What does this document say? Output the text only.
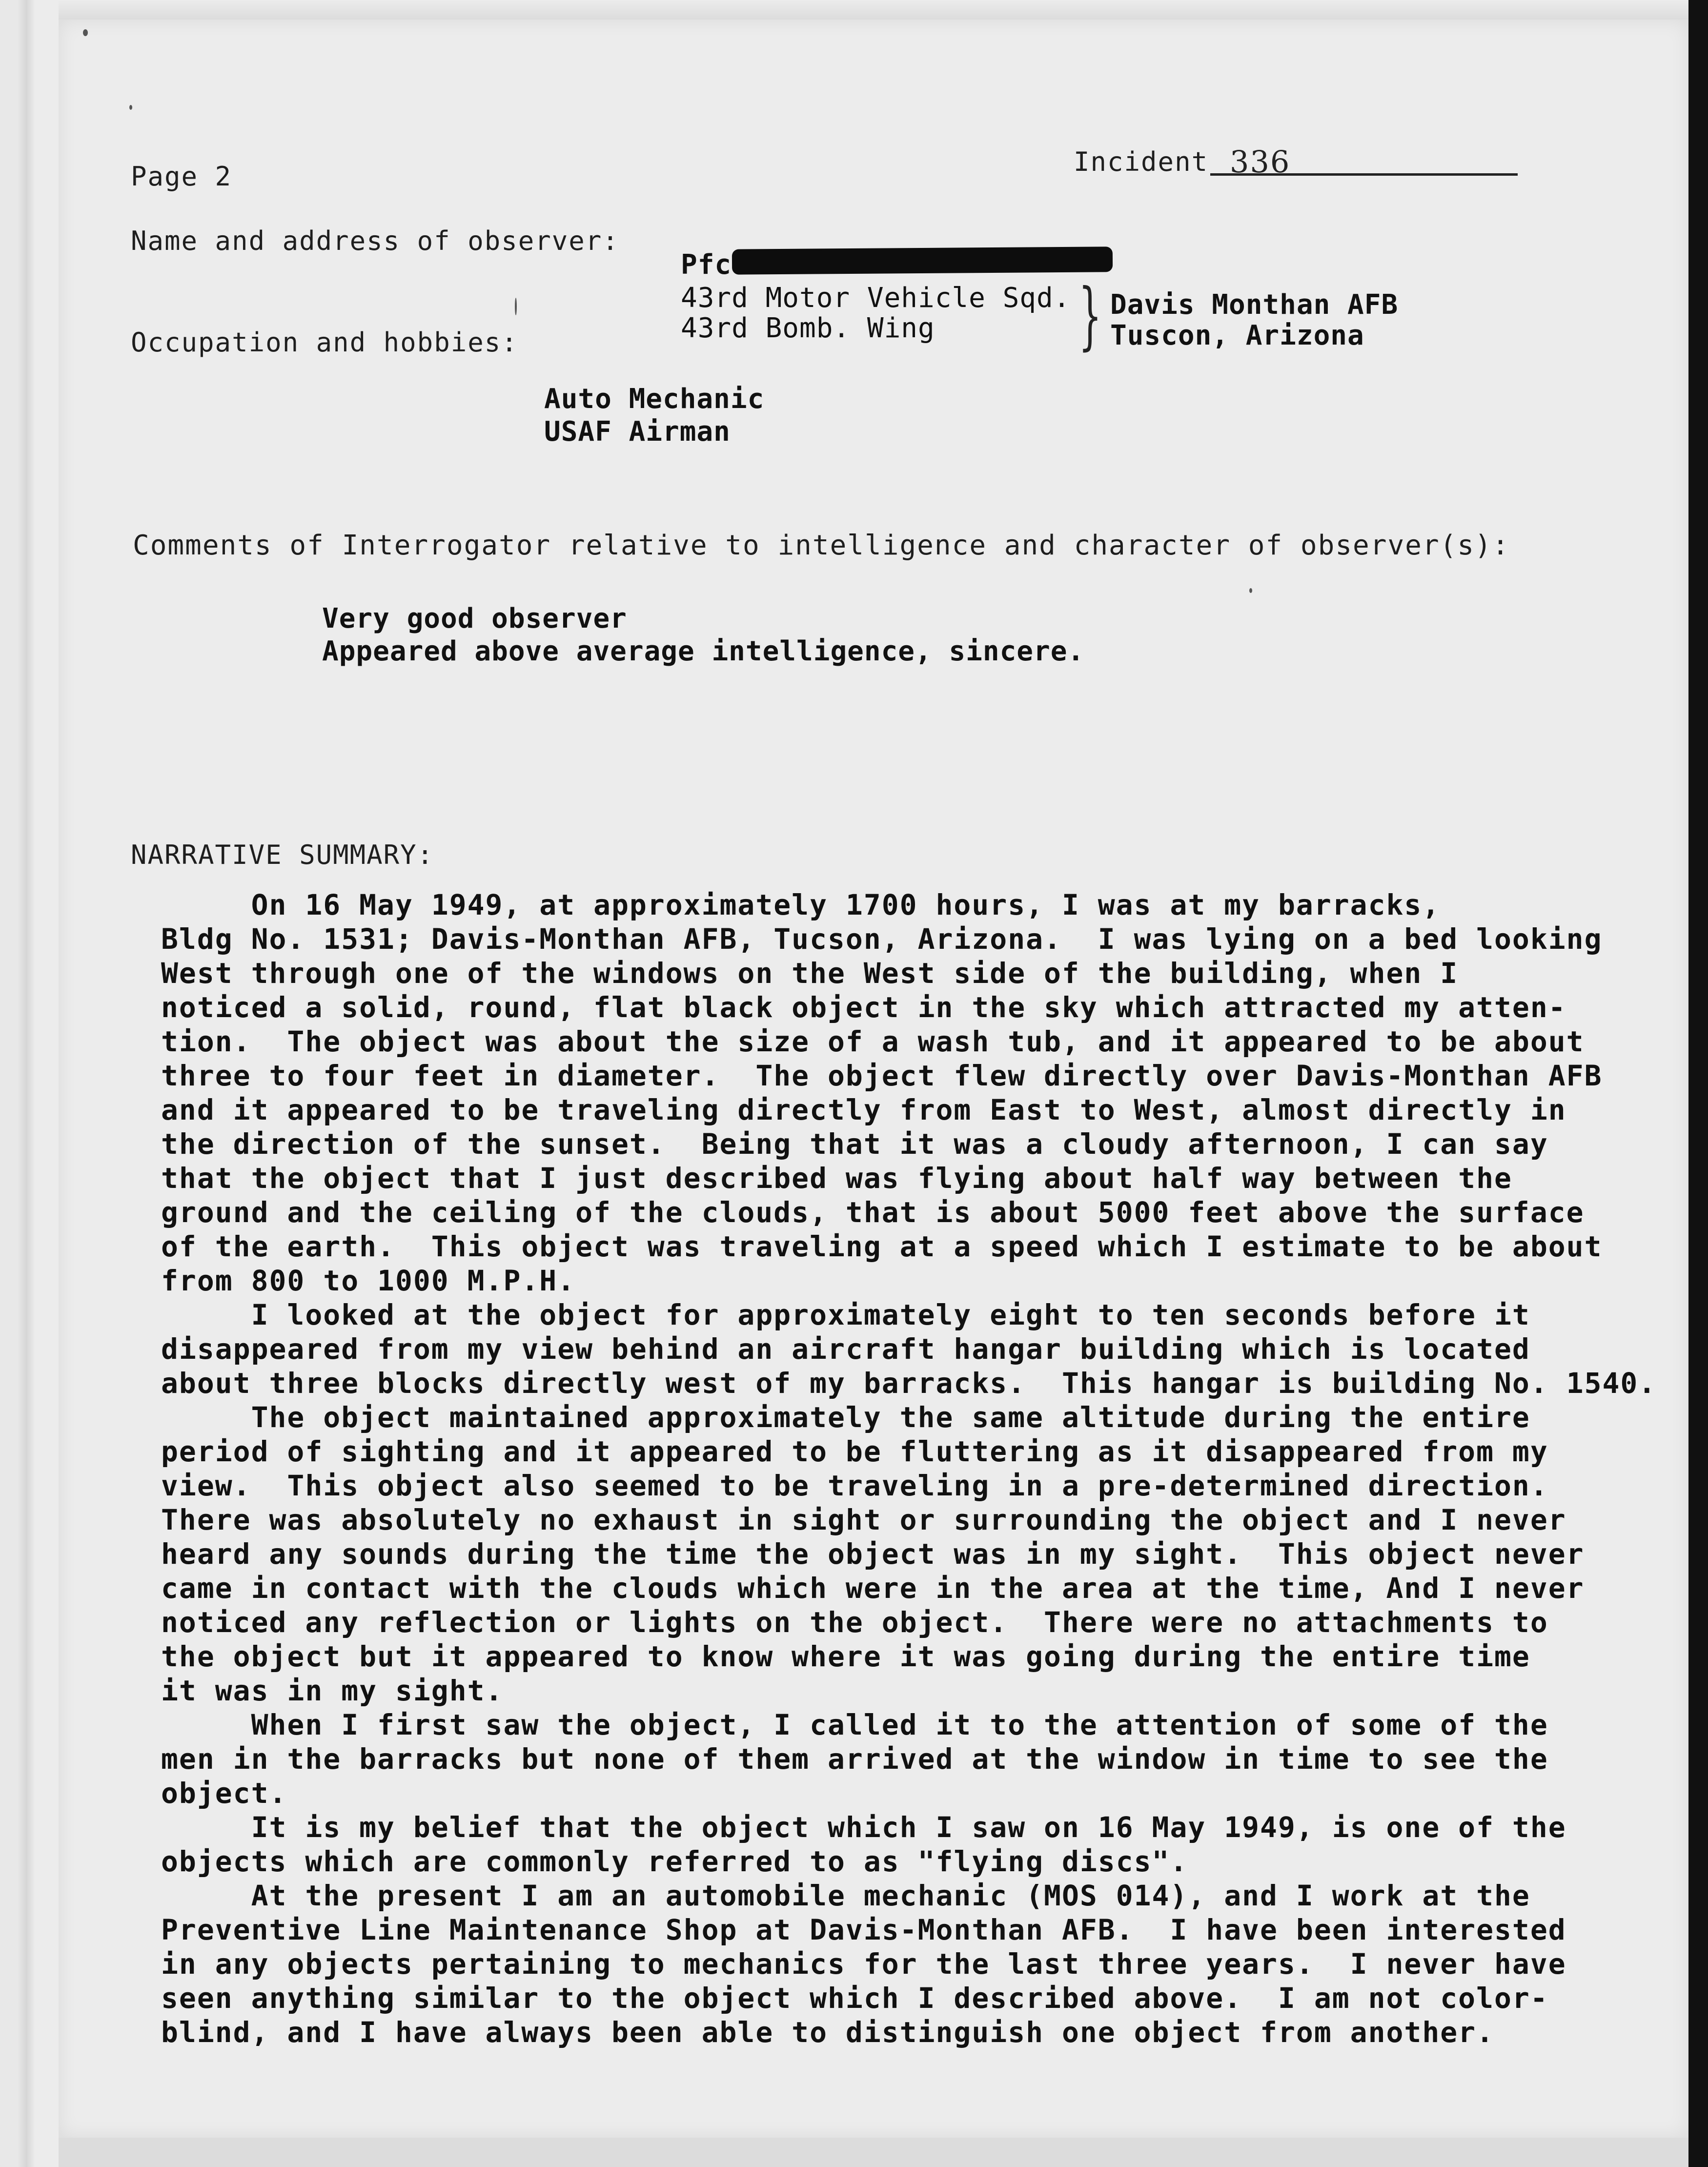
Page 2	Incident 336
Name and address of observer:
Pfc
43rd Motor Vehicle Sqd.
43rd Bomb. Wing } Davis Monthan AFB
Tuscon, Arizona
Occupation and hobbies:
Auto Mechanic
USAF Airman
Comments of Interrogator relative to intelligence and character of observer(s):
Very good observer
Appeared above average intelligence, sincere.
NARRATIVE SUMMARY:

On 16 May 1949, at approximately 1700 hours, I was at my barracks,

Bldg No. 1531; Davis-Monthan AFB, Tucson, Arizona.  I was lying on a bed looking

West through one of the windows on the West side of the building, when I

noticed a solid, round, flat black object in the sky which attracted my atten-

tion.  The object was about the size of a wash tub, and it appeared to be about

three to four feet in diameter.  The object flew directly over Davis-Monthan AFB

and it appeared to be traveling directly from East to West, almost directly in

the direction of the sunset.  Being that it was a cloudy afternoon, I can say

that the object that I just described was flying about half way between the

ground and the ceiling of the clouds, that is about 5000 feet above the surface

of the earth.  This object was traveling at a speed which I estimate to be about

from 800 to 1000 M.P.H.

I looked at the object for approximately eight to ten seconds before it

disappeared from my view behind an aircraft hangar building which is located

about three blocks directly west of my barracks.  This hangar is building No. 1540.

The object maintained approximately the same altitude during the entire

period of sighting and it appeared to be fluttering as it disappeared from my

view.  This object also seemed to be traveling in a pre-determined direction.

There was absolutely no exhaust in sight or surrounding the object and I never

heard any sounds during the time the object was in my sight.  This object never

came in contact with the clouds which were in the area at the time, And I never

noticed any reflection or lights on the object.  There were no attachments to

the object but it appeared to know where it was going during the entire time

it was in my sight.

When I first saw the object, I called it to the attention of some of the

men in the barracks but none of them arrived at the window in time to see the

object.

It is my belief that the object which I saw on 16 May 1949, is one of the

objects which are commonly referred to as "flying discs".

At the present I am an automobile mechanic (MOS 014), and I work at the

Preventive Line Maintenance Shop at Davis-Monthan AFB.  I have been interested

in any objects pertaining to mechanics for the last three years.  I never have

seen anything similar to the object which I described above.  I am not color-

blind, and I have always been able to distinguish one object from another.
